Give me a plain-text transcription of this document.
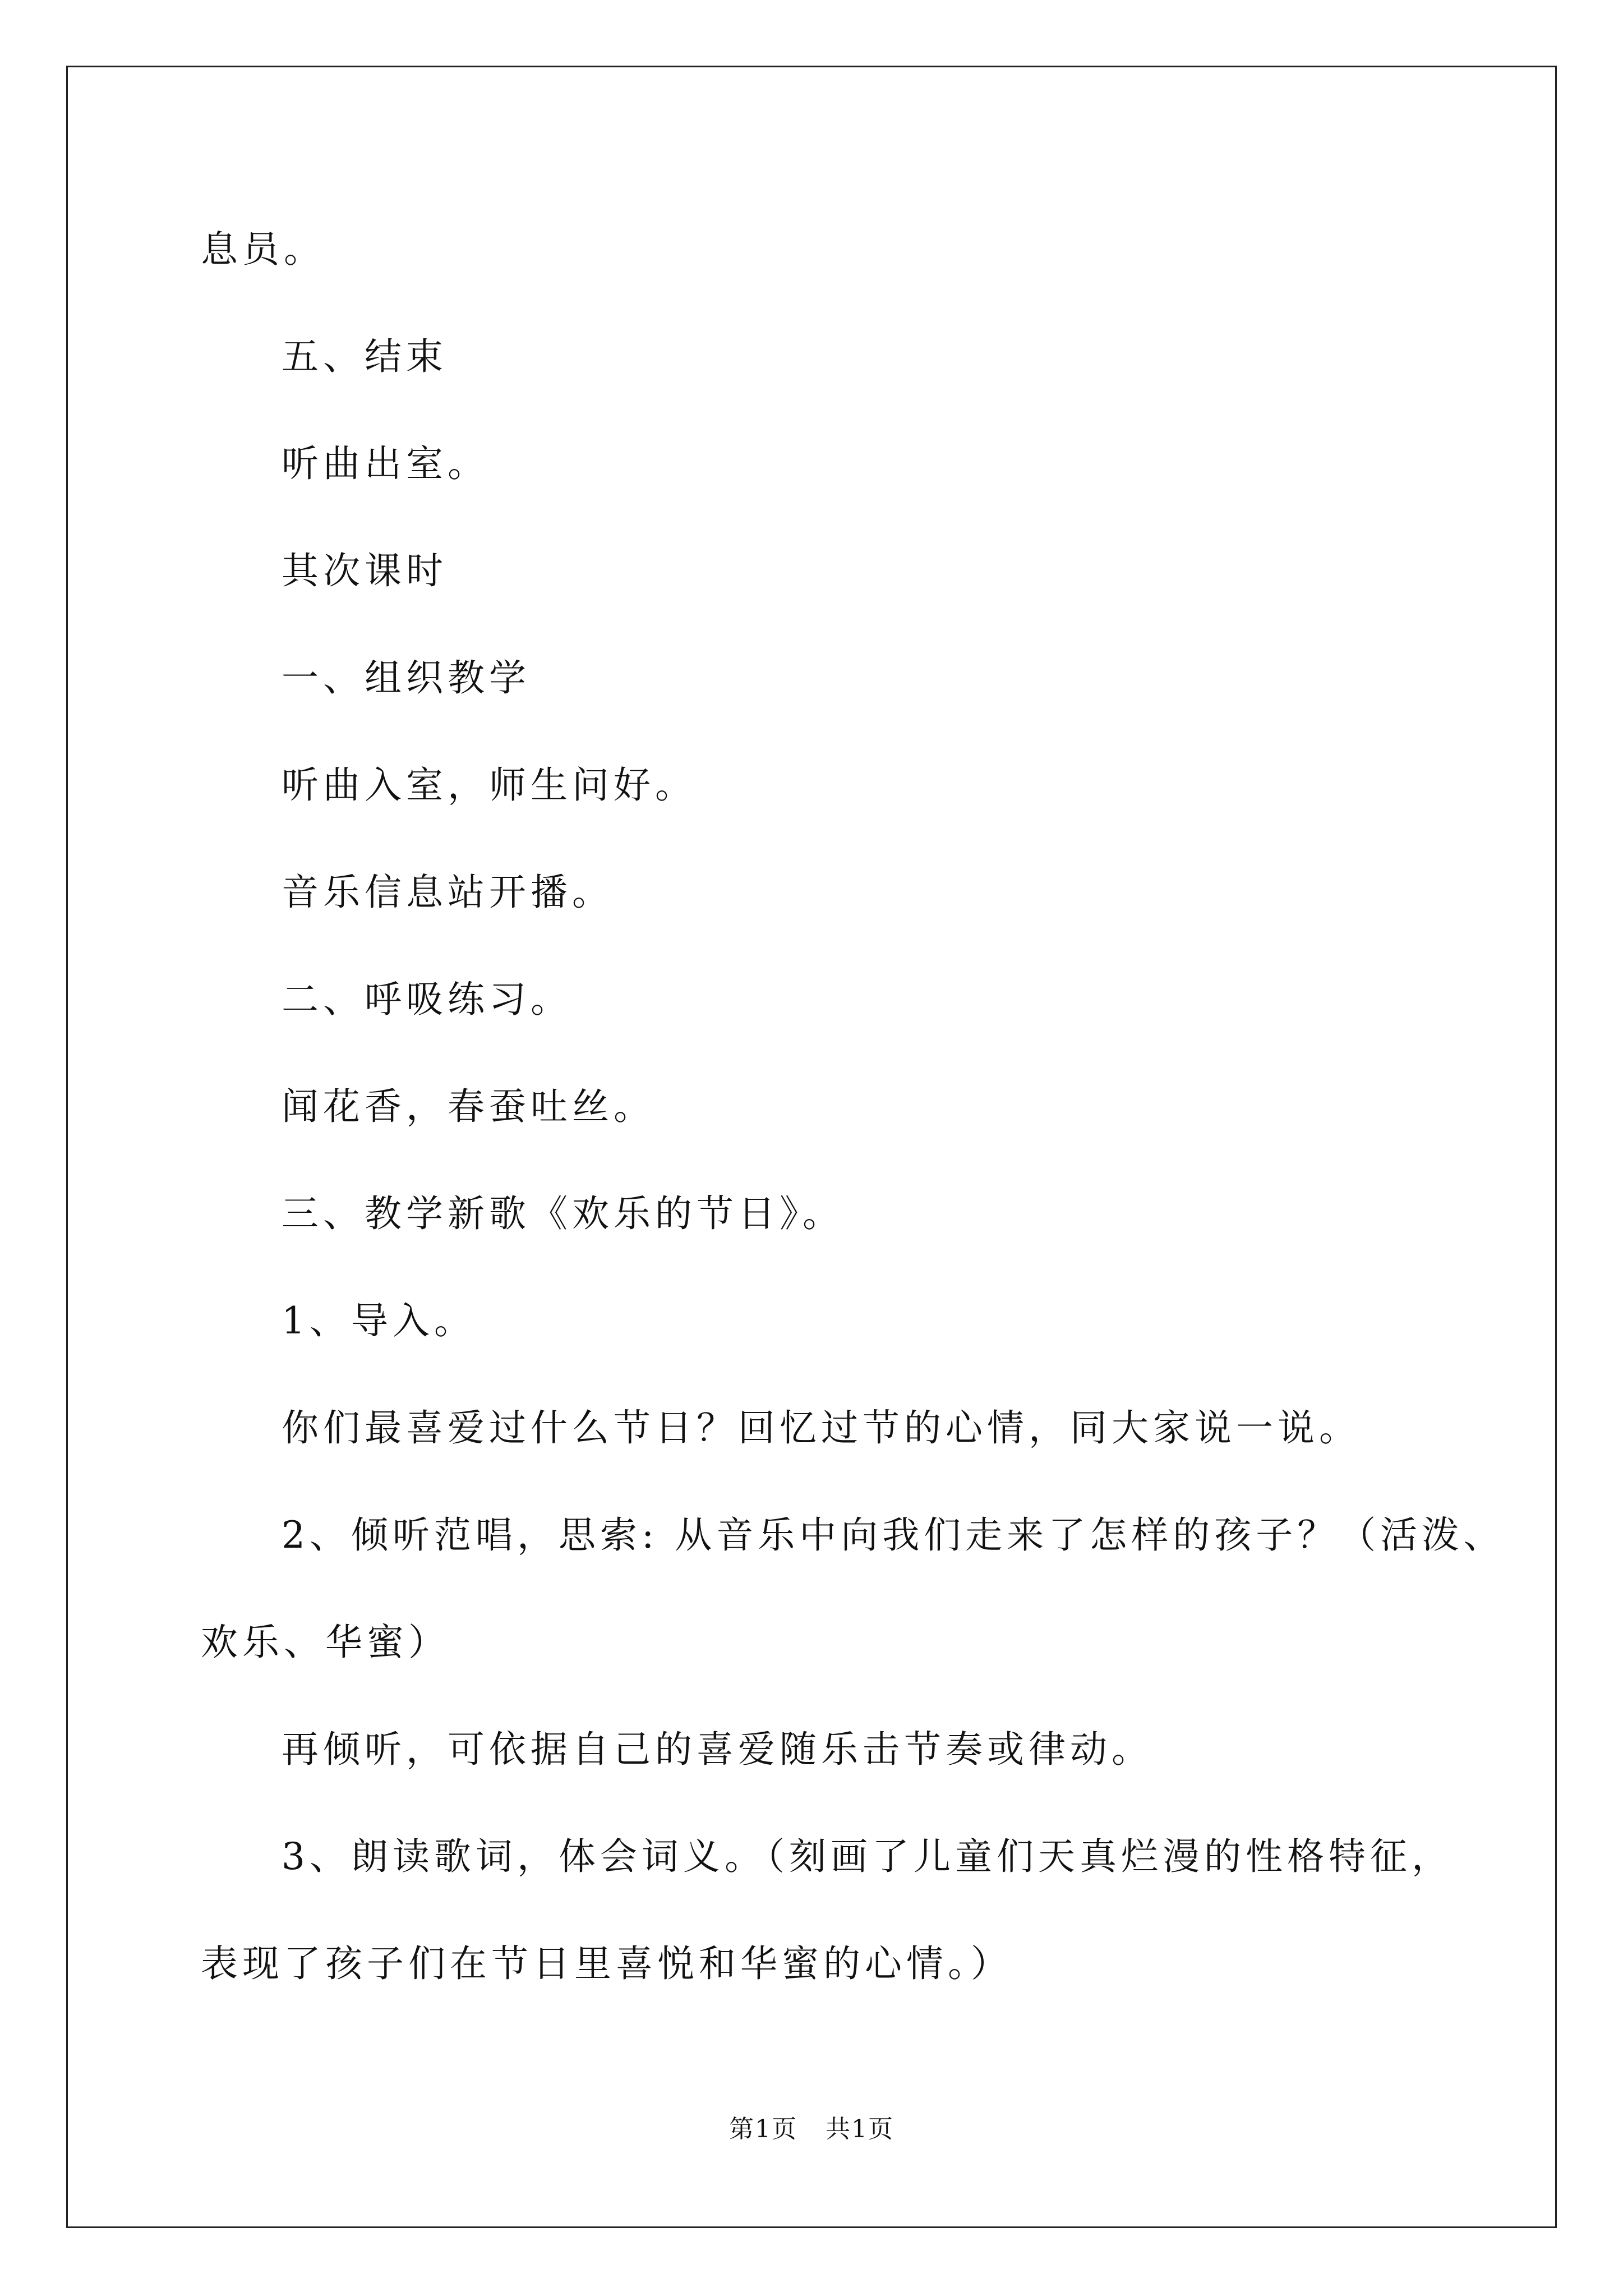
息员。
五、结束
听曲出室。
其次课时
一、组织教学
听曲入室，师生问好。
音乐信息站开播。
二、呼吸练习。
闻花香，春蚕吐丝。
三、教学新歌《欢乐的节日》。
1、导入。
你们最喜爱过什么节日？回忆过节的心情，同大家说一说。
2、倾听范唱，思索: 从音乐中向我们走来了怎样的孩子？（活泼、
欢乐、华蜜）
再倾听，可依据自己的喜爱随乐击节奏或律动。
3、朗读歌词，体会词义。（刻画了儿童们天真烂漫的性格特征，
表现了孩子们在节日里喜悦和华蜜的心情。）
第1页 共1页
